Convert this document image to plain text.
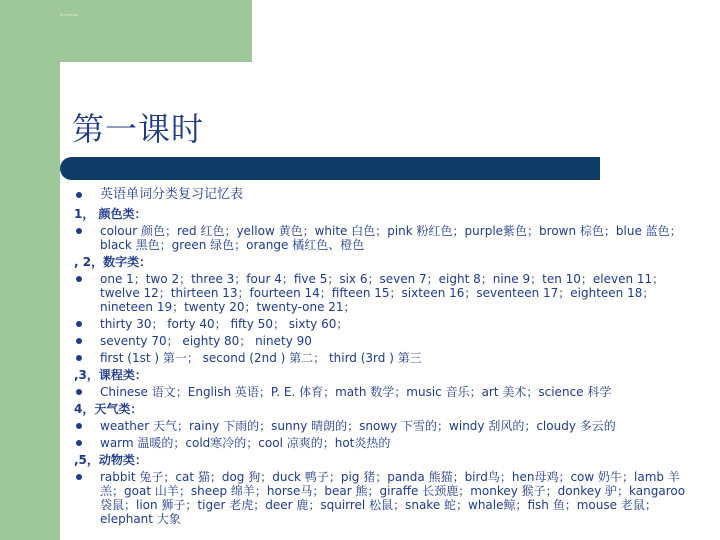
词汇分类复习记忆表
第一课时
英语单词分类复习记忆表
1， 颜色类：
colour 颜色；red 红色；yellow 黄色；white 白色；pink 粉红色；purple紫色；brown 棕色；blue 蓝色；black 黑色；green 绿色；orange 橘红色、橙色
, 2，数字类：
one 1；two 2；three 3；four 4；five 5；six 6；seven 7；eight 8；nine 9；ten 10；eleven 11；twelve 12；thirteen 13；fourteen 14；fifteen 15；sixteen 16；seventeen 17；eighteen 18；nineteen 19；twenty 20；twenty-one 21；
thirty 30； forty 40； fifty 50； sixty 60；
seventy 70； eighty 80； ninety 90
first (1st ) 第一； second (2nd ) 第二； third (3rd ) 第三
,3，课程类：
Chinese 语文；English 英语；P. E. 体育；math 数学；music 音乐；art 美术；science 科学
4，天气类：
weather 天气；rainy 下雨的；sunny 晴朗的；snowy 下雪的；windy 刮风的；cloudy 多云的
warm 温暖的；cold寒冷的；cool 凉爽的；hot炎热的
,5，动物类：
rabbit 兔子；cat 猫；dog 狗；duck 鸭子；pig 猪；panda 熊猫；bird鸟；hen母鸡；cow 奶牛；lamb 羊羔；goat 山羊；sheep 绵羊；horse马；bear 熊；giraffe 长颈鹿；monkey 猴子；donkey 驴；kangaroo 袋鼠；lion 狮子；tiger 老虎；deer 鹿；squirrel 松鼠；snake 蛇；whale鲸；fish 鱼；mouse 老鼠；elephant 大象
